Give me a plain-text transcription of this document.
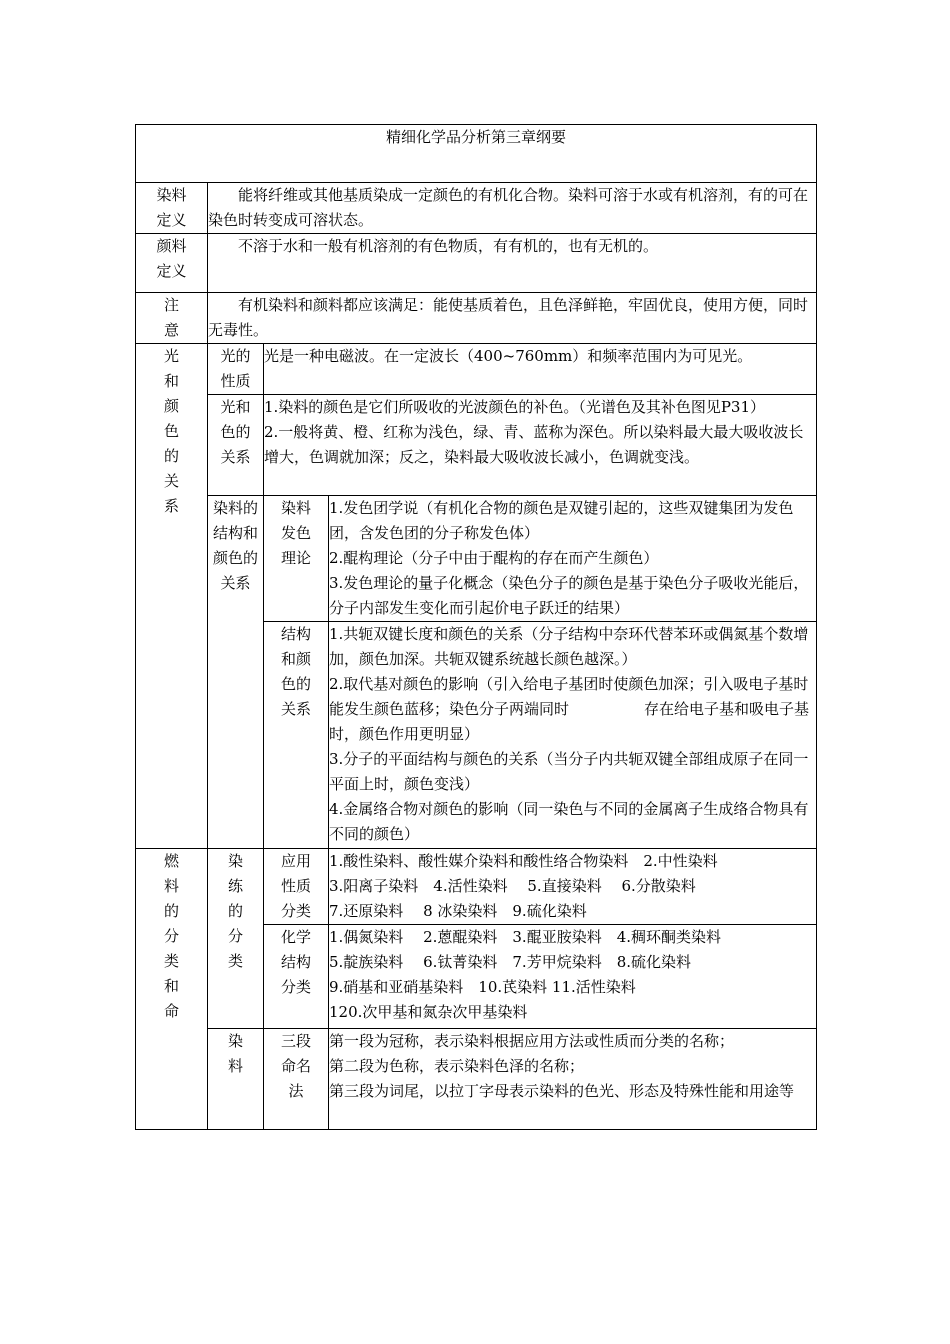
精细化学品分析第三章纲要			

染料定义	能将纤维或其他基质染成一定颜色的有机化合物。染料可溶于水或有机溶剂，有的可在染色时转变成可溶状态。		

颜料定义	不溶于水和一般有机溶剂的有色物质，有有机的，也有无机的。		

注意	有机染料和颜料都应该满足：能使基质着色，且色泽鲜艳，牢固优良，使用方便，同时无毒性。		

光和颜色的关系	光的性质	光是一种电磁波。在一定波长（400~760mm）和频率范围内为可见光。	

	光和色的关系	1.染料的颜色是它们所吸收的光波颜色的补色。（光谱色及其补色图见P31）
2.一般将黄、橙、红称为浅色，绿、青、蓝称为深色。所以染料最大最大吸收波长增大，色调就加深；反之，染料最大吸收波长减小，色调就变浅。	

	染料的结构和颜色的关系	染料发色理论	1.发色团学说（有机化合物的颜色是双键引起的，这些双键集团为发色团，含发色团的分子称发色体）
2.醌构理论（分子中由于醌构的存在而产生颜色）
3.发色理论的量子化概念（染色分子的颜色是基于染色分子吸收光能后，分子内部发生变化而引起价电子跃迁的结果）

		结构和颜色的关系	1.共轭双键长度和颜色的关系（分子结构中奈环代替苯环或偶氮基个数增加，颜色加深。共轭双键系统越长颜色越深。）
2.取代基对颜色的影响（引入给电子基团时使颜色加深；引入吸电子基时能发生颜色蓝移；染色分子两端同时　　　　　存在给电子基和吸电子基时，颜色作用更明显）
3.分子的平面结构与颜色的关系（当分子内共轭双键全部组成原子在同一平面上时，颜色变浅）
4.金属络合物对颜色的影响（同一染色与不同的金属离子生成络合物具有不同的颜色）

燃料的分类和命	染练的分类	应用性质分类	1.酸性染料、酸性媒介染料和酸性络合物染料　2.中性染料
3.阳离子染料　4.活性染料　 5.直接染料　 6.分散染料
7.还原染料　 8 冰染染料　9.硫化染料

		化学结构分类	1.偶氮染料　 2.蒽醌染料　3.醌亚胺染料　4.稠环酮类染料
5.靛族染料　 6.钛菁染料　7.芳甲烷染料　8.硫化染料
9.硝基和亚硝基染料　10.芪染料 11.活性染料
120.次甲基和氮杂次甲基染料

	染料	三段命名法	第一段为冠称，表示染料根据应用方法或性质而分类的名称；
第二段为色称，表示染料色泽的名称；
第三段为词尾，以拉丁字母表示染料的色光、形态及特殊性能和用途等
